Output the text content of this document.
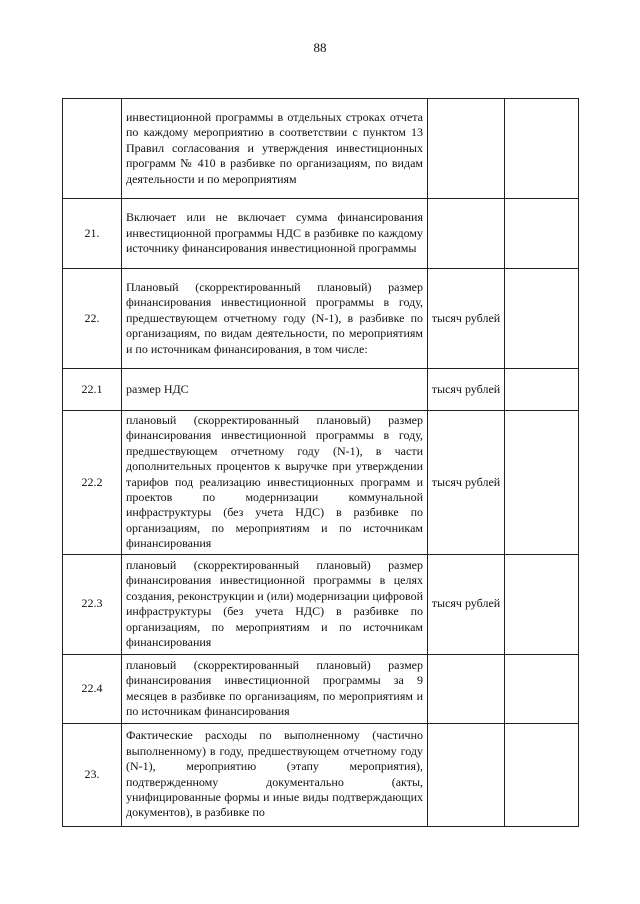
88

	инвестиционной программы в отдельных строках отчета по каждому мероприятию в соответствии с пунктом 13 Правил согласования и утверждения инвестиционных программ № 410 в разбивке по организациям, по видам деятельности и по мероприятиям		

21.	Включает или не включает сумма финансирования инвестиционной программы НДС в разбивке по каждому источнику финансирования инвестиционной программы		

22.	Плановый (скорректированный плановый) размер финансирования инвестиционной программы в году, предшествующем отчетному году (N-1), в разбивке по организациям, по видам деятельности, по мероприятиям и по источникам финансирования, в том числе:	тысяч рублей	
22.1	размер НДС	тысяч рублей	
22.2	плановый (скорректированный плановый) размер финансирования инвестиционной программы в году, предшествующем отчетному году (N-1), в части дополнительных процентов к выручке при утверждении тарифов под реализацию инвестиционных программ и проектов по модернизации коммунальной инфраструктуры (без учета НДС) в разбивке по организациям, по мероприятиям и по источникам финансирования	тысяч рублей	
22.3	плановый (скорректированный плановый) размер финансирования инвестиционной программы в целях создания, реконструкции и (или) модернизации цифровой инфраструктуры (без учета НДС) в разбивке по организациям, по мероприятиям и по источникам финансирования	тысяч рублей	
22.4	плановый (скорректированный плановый) размер финансирования инвестиционной программы за 9 месяцев в разбивке по организациям, по мероприятиям и по источникам финансирования		

23.	Фактические расходы по выполненному (частично выполненному) в году, предшествующем отчетному году (N-1), мероприятию (этапу мероприятия), подтвержденному документально (акты, унифицированные формы и иные виды подтверждающих документов), в разбивке по		
